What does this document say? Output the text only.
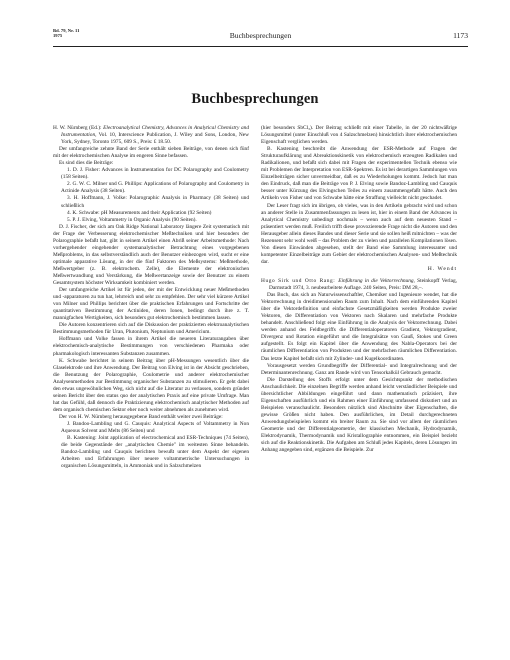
Bd. 79, Nr. 11
1975	Buchbesprechungen	1173
Buchbesprechungen

H. W. Nürnberg (Ed.): Electroanalytical Chemistry, Advances in Analytical Chemistry and Instrumentation, Vol. 10, Interscience Publication, J. Wiley and Sons, London, New York, Sydney, Toronto 1975, 609 S., Preis: £ 18.50.

Der umfangreiche zehnte Band der Serie enthält sieben Beiträge, von denen sich fünf mit der elektrochemischen Analyse im engeren Sinne befassen.

Es sind dies die Beiträge:

1. D. J. Fisher: Advances in Instrumentation for DC Polarography and Coulometry (158 Seiten).

2. G. W. C. Milner und G. Phillips: Applications of Polarography and Coulometry in Actinide Analysis (38 Seiten).

3. H. Hoffmann, J. Volke: Polarographic Analysis in Pharmacy (38 Seiten) und schließlich

4. K. Schwabe: pH Measurements and their Application (92 Seiten)

5. P. J. Elving, Voltammetry in Organic Analysis (90 Seiten).

D. J. Fischer, der sich am Oak Ridge National Laboratory längere Zeit systematisch mit der Frage der Verbesserung elektrochemischer Meßtechniken und hier besonders der Polarographie befaßt hat, gibt in seinem Artikel einen Abriß seiner Arbeitsmethode: Nach vorhergehender eingehender systemanalytischer Betrachtung eines vorgegebenen Meßproblems, in das selbstverständlich auch der Benutzer einbezogen wird, sucht er eine optimale apparative Lösung, in der die fünf Faktoren des Meßsystems: Meßmethode, Meßwertgeber (z. B. elektrochem. Zelle), die Elemente der elektronischen Meßwertwandlung und Verstärkung, die Meßwertanzeige sowie der Benutzer zu einem Gesamtsystem höchster Wirksamkeit kombiniert werden.

Der umfangreiche Artikel ist für jeden, der mit der Entwicklung neuer Meßmethoden und -apparaturen zu tun hat, lehrreich und sehr zu empfehlen. Der sehr viel kürzere Artikel von Milner und Phillips berichtet über die praktischen Erfahrungen und Fortschritte der quantitativen Bestimmung der Actiniden, deren Ionen, bedingt durch ihre z. T. mannigfachen Wertigkeiten, sich besonders gut elektrochemisch bestimmen lassen.

Die Autoren konzentrieren sich auf die Diskussion der praktizierten elektroanalytischen Bestimmungsmethoden für Uran, Plutonium, Neptunium und Americium.

Hoffmann und Volke fassen in ihrem Artikel die neueren Literaturangaben über elektrochemisch-analytische Bestimmungen von verschiedenen Pharmaka oder pharmakologisch interessanten Substanzen zusammen.

K. Schwabe berichtet in seinem Beitrag über pH-Messungen wesentlich über die Glaselektrode und ihre Anwendung. Der Beitrag von Elving ist in der Absicht geschrieben, die Benutzung der Polarographie, Coulometrie und anderer elektrochemischer Analysenmethoden zur Bestimmung organischer Substanzen zu stimulieren. Er geht dabei den etwas ungewöhnlichen Weg, sich nicht auf die Literatur zu verlassen, sondern gründet seinen Bericht über den status quo der analytischen Praxis auf eine private Umfrage. Man hat das Gefühl, daß dennoch die Praktizierung elektrochemisch analytischer Methoden auf dem organisch chemischen Sektor eher noch weiter abnehmen als zunehmen wird.

Der von H. W. Nürnberg herausgegebene Band enthält weiter zwei Beiträge:

J. Bandoo-Lambling und G. Cauquis: Analytical Aspects of Voltammetry in Non Aqueous Solvent and Melts (86 Seiten) und

B. Kastening: Joint application of electrochemical and ESR-Techniques (74 Seiten), die beide Gegenstände der „analytischen Chemie" im weitesten Sinne behandeln. Bandoz-Lambling und Cauquis berichten bewußt unter dem Aspekt der eigenen Arbeiten und Erfahrungen über neuere voltammetrische Untersuchungen in organischen Lösungsmitteln, in Ammoniak und in Salzschmelzen

(hier besonders SbCl₃). Der Beitrag schließt mit einer Tabelle, in der 20 nichtwäßrige Lösungsmittel (unter Einschluß von 4 Salzschmelzen) hinsichtlich ihrer elektrochemischen Eigenschaft verglichen werden.

B. Kastening beschreibt die Anwendung der ESR-Methode auf Fragen der Strukturaufklärung und Abreaktionskinetik von elektrochemisch erzeugten Radikalen und Radikalionen, und befaßt sich dabei mit Fragen der experimentellen Technik ebenso wie mit Problemen der Interpretation von ESR-Spektren. Es ist bei derartigen Sammlungen von Einzelbeiträgen sicher unvermeidbar, daß es zu Wiederholungen kommt. Jedoch hat man den Eindruck, daß man die Beiträge von P. J. Elving sowie Bandoz-Lambling und Cauquis besser unter Kürzung des Elvingschen Teiles zu einem zusammengefaßt hätte. Auch den Artikeln von Fisher und von Schwabe hätte eine Straffung vielleicht nicht geschadet.

Der Leser fragt sich im übrigen, ob vieles, was in den Artikeln gebracht wird und schon an anderer Stelle in Zusammenfassungen zu lesen ist, hier in einem Band der Advances in Analytical Chemistry unbedingt nochmals – wenn auch auf dem neuesten Stand – präsentiert werden muß. Freilich trifft diese provozierende Frage nicht die Autoren und den Herausgeber allein dieses Bandes und dieser Serie und sie sollen heiß mitnichten – was der Rezensent sehr wohl weiß – das Problem der zu vielen und parallelen Kompilationen lösen. Von diesen Einwänden abgesehen, stellt der Band eine Sammlung interessanter und kompetenter Einzelbeiträge zum Gebiet der elektrochemischen Analysen- und Meßtechnik dar.

H. Wendt

Hugo Sirk und Otto Rang: Einführung in die Vektorrechnung, Steinkopff Verlag, Darmstadt 1974, 3. neubearbeitete Auflage. 240 Seiten, Preis: DM 28,–.

Das Buch, das sich an Naturwissenschaftler, Chemiker und Ingenieure wendet, hat die Vektorrechnung in dreidimensionalen Raum zum Inhalt. Nach dem einführenden Kapitel über die Vektordefinition und einfachste Gesetzmäßigkeiten werden Produkte zweier Vektoren, die Differentiation von Vektoren nach Skalaren und mehrfache Produkte behandelt. Anschließend folgt eine Einführung in die Analysis der Vektorrechnung. Dabei werden anhand des Feldbegriffs die Differentialoperatoren Gradient, Vektorgradient, Divergenz und Rotation eingeführt und die Integralsätze von Gauß, Stokes und Green aufgestellt. Es folgt ein Kapitel über die Anwendung des Nabla-Operators bei der räumlichen Differentiation von Produkten und der mehrfachen räumlichen Differentiation. Das letzte Kapitel befaßt sich mit Zylinder- und Kugelkoordinaten.

Vorausgesetzt werden Grundbegriffe der Differential- und Integralrechnung und der Determinantenrechnung. Ganz am Rande wird von Tensorkalkül Gebrauch gemacht.

Die Darstellung des Stoffs erfolgt unter dem Gesichtspunkt der methodischen Anschaulichkeit. Die einzelnen Begriffe werden anhand leicht verständlicher Beispiele und übersichtlicher Abbildungen eingeführt und dann mathematisch präzisiert, ihre Eigenschaften ausführlich und ein Rahmen einer Einführung umfassend diskutiert und an Beispielen veranschaulicht. Besonders nützlich sind Abschnitte über Eigenschaften, die gewisse Größen nicht haben. Den ausführlichen, im Detail durchgerechneten Anwendungsbeispielen kommt ein breiter Raum zu. Sie sind vor allem der räumlichen Geometrie und der Differentialgeometrie, der klassischen Mechanik, Hydrodynamik, Elektrodynamik, Thermodynamik und Kristallographie entnommen, ein Beispiel bezieht sich auf die Reaktionskinetik. Die Aufgaben am Schluß jedes Kapitels, deren Lösungen im Anhang angegeben sind, ergänzen die Beispiele. Zur
